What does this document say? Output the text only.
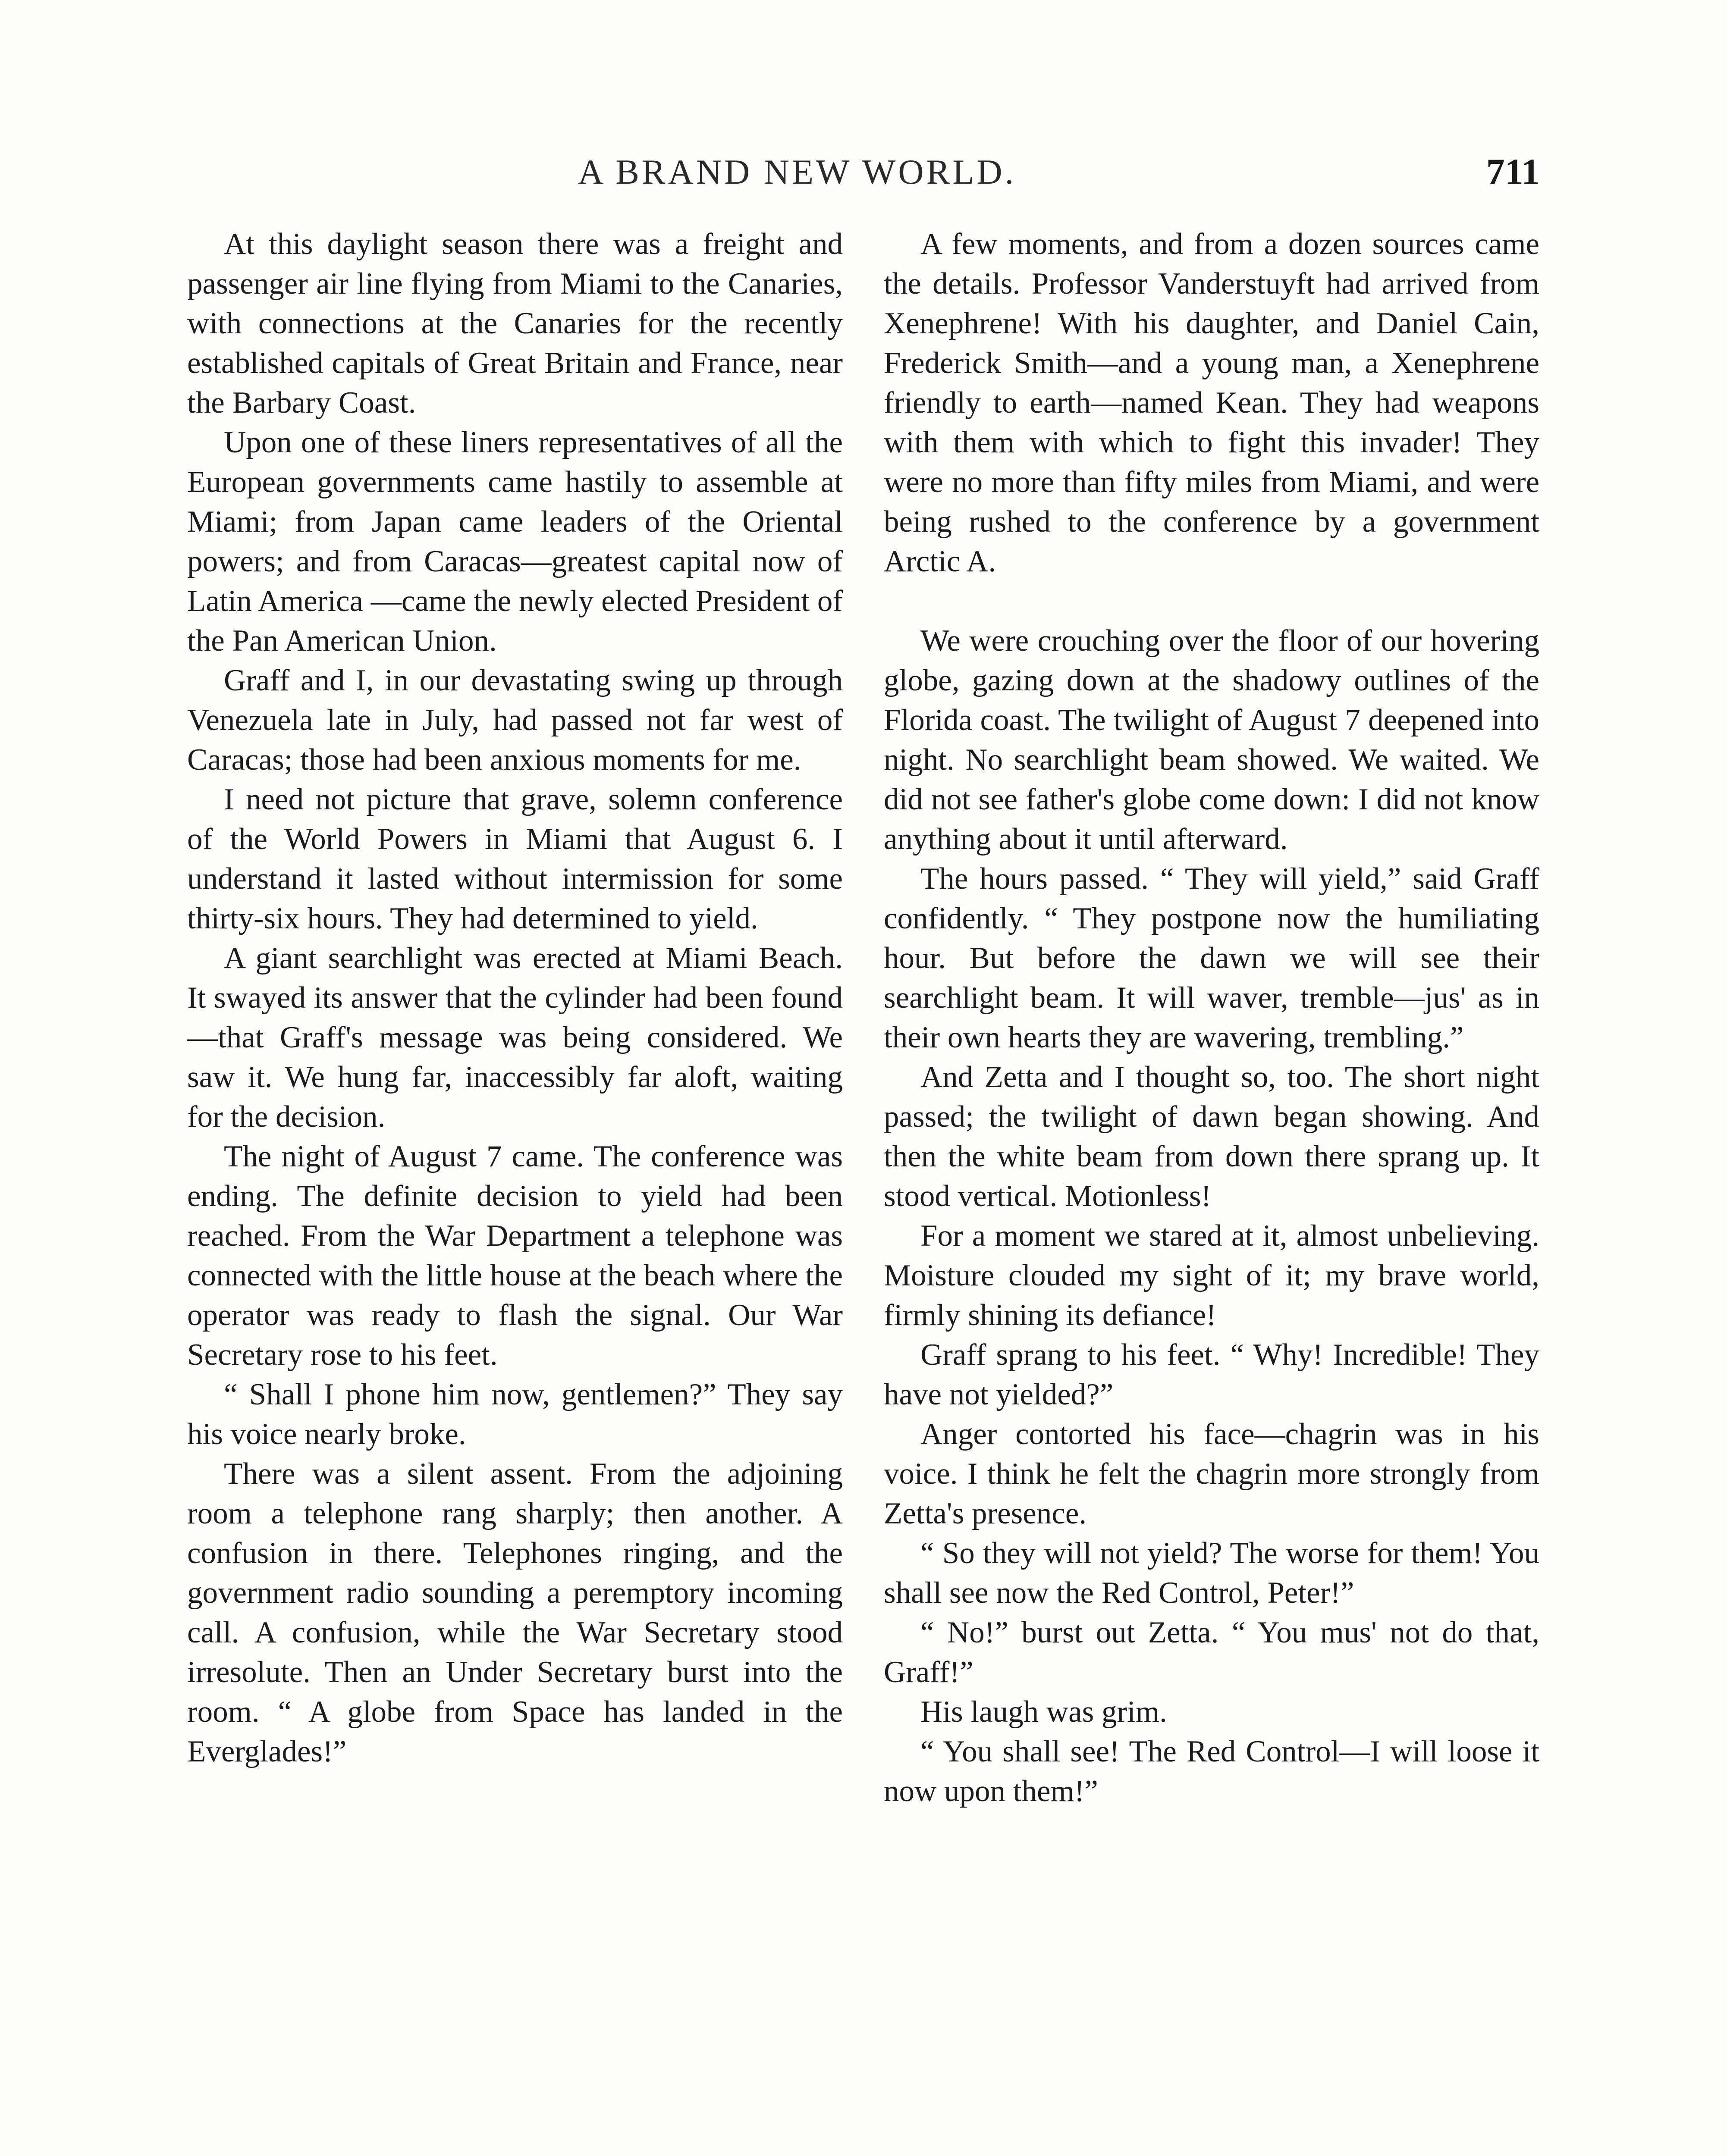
A BRAND NEW WORLD.	711

At this daylight season there was a freight and passenger air line flying from Miami to the Canaries, with connections at the Canaries for the recently established capitals of Great Britain and France, near the Barbary Coast.

Upon one of these liners representatives of all the European governments came hastily to assemble at Miami; from Japan came leaders of the Oriental powers; and from Caracas—greatest capital now of Latin America —came the newly elected President of the Pan American Union.

Graff and I, in our devastating swing up through Venezuela late in July, had passed not far west of Caracas; those had been anxious moments for me.

I need not picture that grave, solemn conference of the World Powers in Miami that August 6. I understand it lasted without intermission for some thirty-six hours. They had determined to yield.

A giant searchlight was erected at Miami Beach. It swayed its answer that the cylinder had been found—that Graff's message was being considered. We saw it. We hung far, inaccessibly far aloft, waiting for the decision.

The night of August 7 came. The conference was ending. The definite decision to yield had been reached. From the War Department a telephone was connected with the little house at the beach where the operator was ready to flash the signal. Our War Secretary rose to his feet.

“ Shall I phone him now, gentlemen?” They say his voice nearly broke.

There was a silent assent. From the adjoining room a telephone rang sharply; then another. A confusion in there. Telephones ringing, and the government radio sounding a peremptory incoming call. A confusion, while the War Secretary stood irresolute. Then an Under Secretary burst into the room. “ A globe from Space has landed in the Everglades!”

A few moments, and from a dozen sources came the details. Professor Vanderstuyft had arrived from Xenephrene! With his daughter, and Daniel Cain, Frederick Smith—and a young man, a Xenephrene friendly to earth—named Kean. They had weapons with them with which to fight this invader! They were no more than fifty miles from Miami, and were being rushed to the conference by a government Arctic A.

We were crouching over the floor of our hovering globe, gazing down at the shadowy outlines of the Florida coast. The twilight of August 7 deepened into night. No searchlight beam showed. We waited. We did not see father's globe come down: I did not know anything about it until afterward.

The hours passed. “ They will yield,” said Graff confidently. “ They postpone now the humiliating hour. But before the dawn we will see their searchlight beam. It will waver, tremble—jus' as in their own hearts they are wavering, trembling.”

And Zetta and I thought so, too. The short night passed; the twilight of dawn began showing. And then the white beam from down there sprang up. It stood vertical. Motionless!

For a moment we stared at it, almost unbelieving. Moisture clouded my sight of it; my brave world, firmly shining its defiance!

Graff sprang to his feet. “ Why! Incredible! They have not yielded?”

Anger contorted his face—chagrin was in his voice. I think he felt the chagrin more strongly from Zetta's presence.

“ So they will not yield? The worse for them! You shall see now the Red Control, Peter!”

“ No!” burst out Zetta. “ You mus' not do that, Graff!”

His laugh was grim.

“ You shall see! The Red Control—I will loose it now upon them!”
